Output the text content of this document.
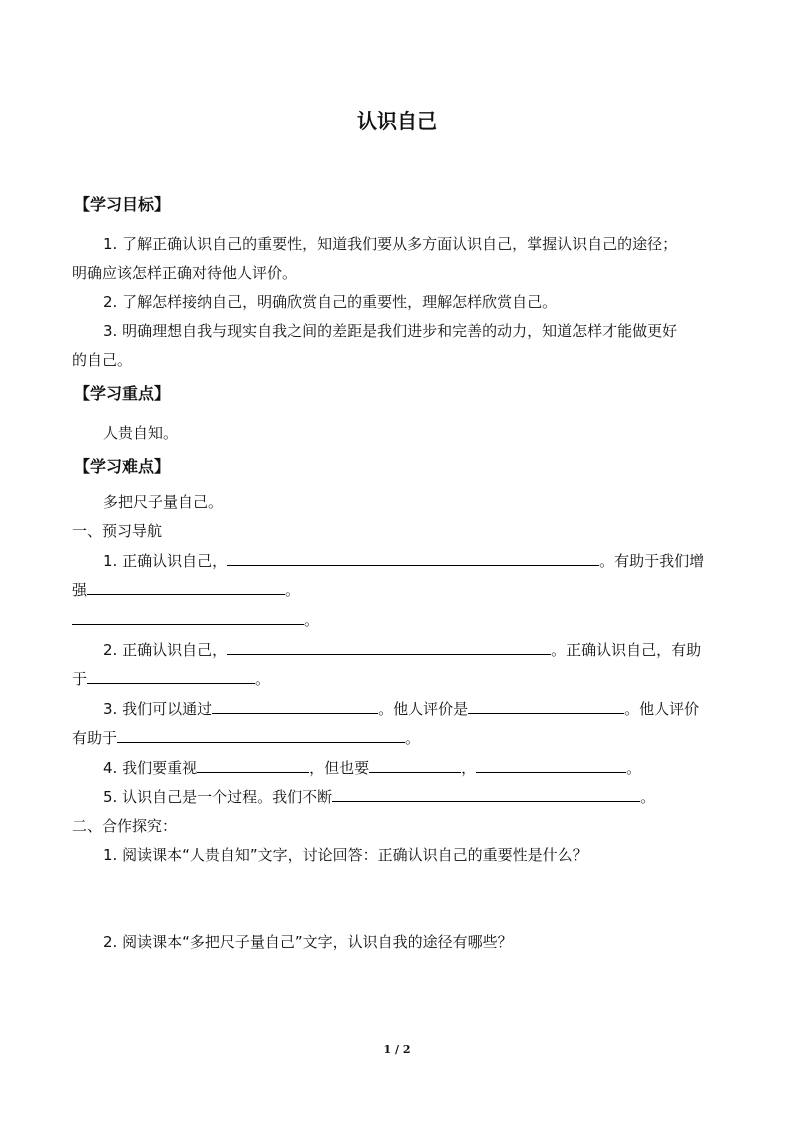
认识自己
【学习目标】
1. 了解正确认识自己的重要性，知道我们要从多方面认识自己，掌握认识自己的途径；
明确应该怎样正确对待他人评价。
2. 了解怎样接纳自己，明确欣赏自己的重要性，理解怎样欣赏自己。
3. 明确理想自我与现实自我之间的差距是我们进步和完善的动力，知道怎样才能做更好
的自己。
【学习重点】
人贵自知。
【学习难点】
多把尺子量自己。
一、预习导航
1. 正确认识自己，	。有助于我们增
强	。
。
2. 正确认识自己，	。正确认识自己，有助
于	。
3. 我们可以通过	。他人评价是	。他人评价
有助于	。
4. 我们要重视	，但也要	，	。
5. 认识自己是一个过程。我们不断	。
二、合作探究：
1. 阅读课本“人贵自知”文字，讨论回答：正确认识自己的重要性是什么？
2. 阅读课本“多把尺子量自己”文字，认识自我的途径有哪些？
1 / 2
